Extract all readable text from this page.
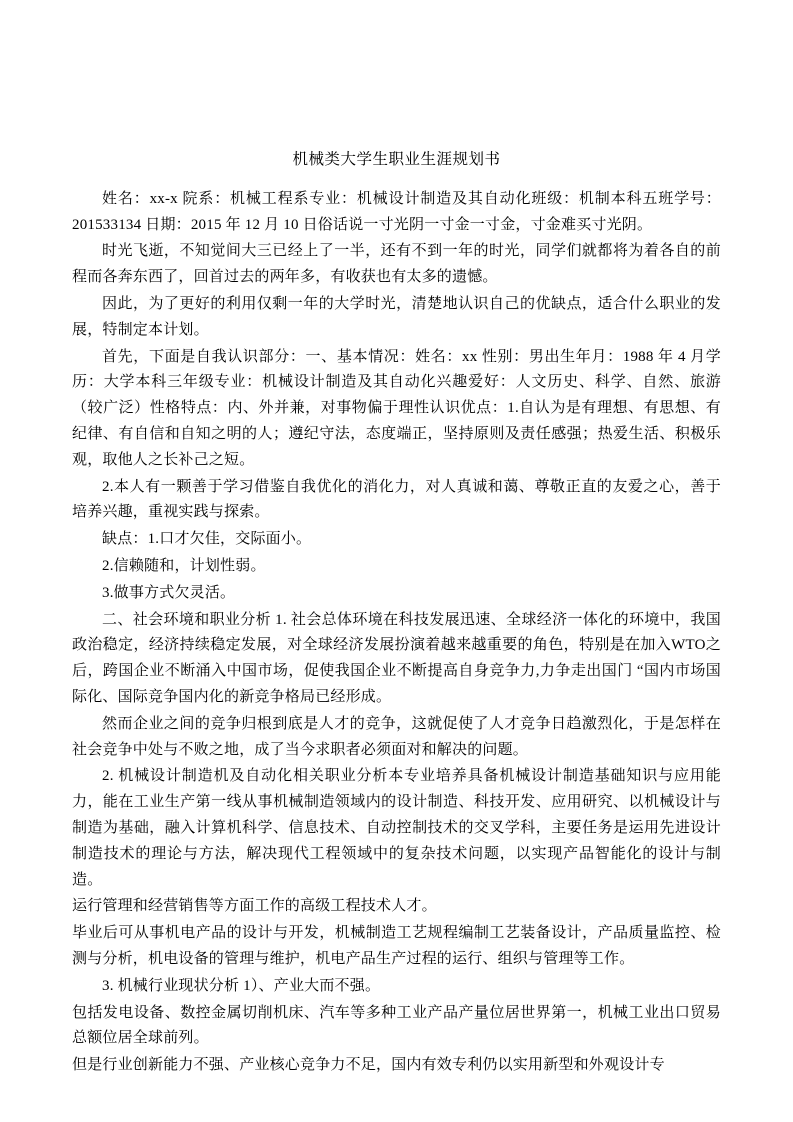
机械类大学生职业生涯规划书

姓名：xx-x 院系：机械工程系专业：机械设计制造及其自动化班级：机制本科五班学号：201533134 日期：2015 年 12 月 10 日俗话说一寸光阴一寸金一寸金，寸金难买寸光阴。

时光飞逝，不知觉间大三已经上了一半，还有不到一年的时光，同学们就都将为着各自的前程而各奔东西了，回首过去的两年多，有收获也有太多的遗憾。

因此，为了更好的利用仅剩一年的大学时光，清楚地认识自己的优缺点，适合什么职业的发展，特制定本计划。

首先，下面是自我认识部分：一、基本情况：姓名：xx 性别：男出生年月：1988 年 4 月学历：大学本科三年级专业：机械设计制造及其自动化兴趣爱好：人文历史、科学、自然、旅游（较广泛）性格特点：内、外并兼，对事物偏于理性认识优点：1.自认为是有理想、有思想、有纪律、有自信和自知之明的人；遵纪守法，态度端正，坚持原则及责任感强；热爱生活、积极乐观，取他人之长补己之短。

2.本人有一颗善于学习借鉴自我优化的消化力，对人真诚和蔼、尊敬正直的友爱之心，善于培养兴趣，重视实践与探索。

缺点：1.口才欠佳，交际面小。

2.信赖随和，计划性弱。

3.做事方式欠灵活。

二、社会环境和职业分析 1. 社会总体环境在科技发展迅速、全球经济一体化的环境中，我国政治稳定，经济持续稳定发展，对全球经济发展扮演着越来越重要的角色，特别是在加入WTO之后，跨国企业不断涌入中国市场，促使我国企业不断提高自身竞争力,力争走出国门 “国内市场国际化、国际竞争国内化的新竞争格局已经形成。

然而企业之间的竞争归根到底是人才的竞争，这就促使了人才竞争日趋激烈化，于是怎样在社会竞争中处与不败之地，成了当今求职者必须面对和解决的问题。

2. 机械设计制造机及自动化相关职业分析本专业培养具备机械设计制造基础知识与应用能力，能在工业生产第一线从事机械制造领域内的设计制造、科技开发、应用研究、以机械设计与制造为基础，融入计算机科学、信息技术、自动控制技术的交叉学科，主要任务是运用先进设计制造技术的理论与方法，解决现代工程领域中的复杂技术问题，以实现产品智能化的设计与制造。

运行管理和经营销售等方面工作的高级工程技术人才。

毕业后可从事机电产品的设计与开发，机械制造工艺规程编制工艺装备设计，产品质量监控、检测与分析，机电设备的管理与维护，机电产品生产过程的运行、组织与管理等工作。

3. 机械行业现状分析 1）、产业大而不强。

包括发电设备、数控金属切削机床、汽车等多种工业产品产量位居世界第一，机械工业出口贸易总额位居全球前列。

但是行业创新能力不强、产业核心竞争力不足，国内有效专利仍以实用新型和外观设计专
